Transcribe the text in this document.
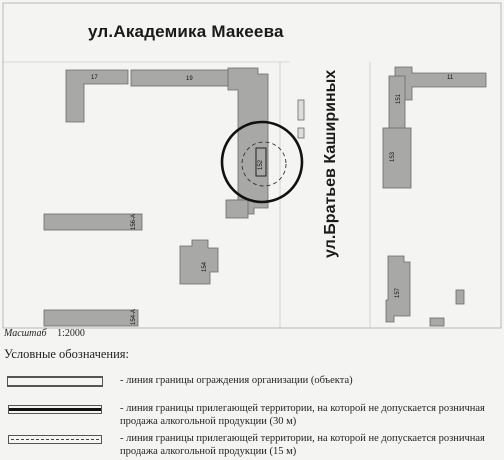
17	19	11
151
153
152
154
156-А
154-А
157
ул.Академика Макеева
ул.Братьев Кашириных
Масштаб 1:2000
Условные обозначения:
- линия границы ограждения организации (объекта)
- линия границы прилегающей территории, на которой не допускается розничная продажа алкогольной продукции (30 м)
- линия границы прилегающей территории, на которой не допускается розничная продажа алкогольной продукции (15 м)
